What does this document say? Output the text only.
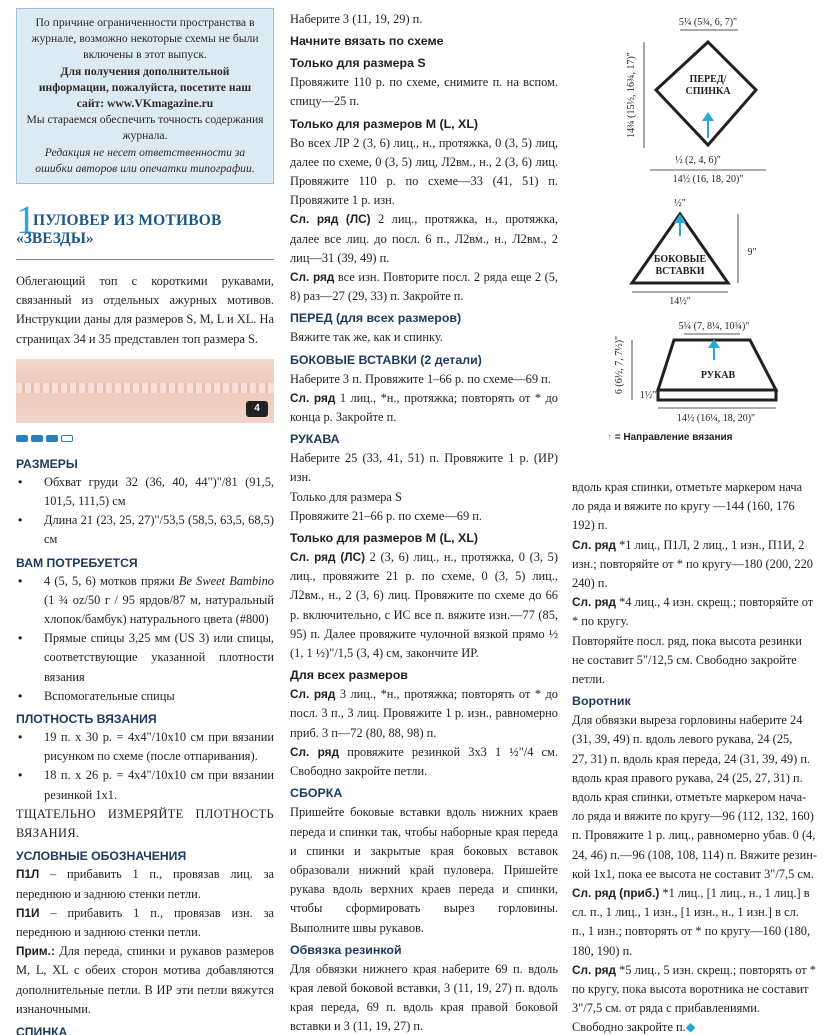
По причине ограниченности пространства в журнале, возможно некоторые схемы не были включены в этот выпуск.
Для получения дополнительной информации, пожалуйста, посетите наш сайт: www.VKmagazine.ru
Мы стараемся обеспечить точность содержания журнала.
Редакция не несет ответственности за ошибки авторов или опечатки типографии.
1
ПУЛОВЕР ИЗ МОТИВОВ
«ЗВЕЗДЫ»

Облегающий топ с короткими рукавами, связанный из отдельных ажурных мотивов. Инструкции даны для размеров S, M, L и XL. На страницах 34 и 35 представлен топ размера S.

4
РАЗМЕРЫ
• Обхват груди 32 (36, 40, 44")"/81 (91,5, 101,5, 111,5) см
• Длина 21 (23, 25, 27)"/53,5 (58,5, 63,5, 68,5) см
ВАМ ПОТРЕБУЕТСЯ
• 4 (5, 5, 6) мотков пряжи Be Sweet Bambino (1 ¾ oz/50 г / 95 ярдов/87 м, натуральный хлопок/бамбук) натурального цвета (#800)
• Прямые спицы 3,25 мм (US 3) или спицы, соответствующие указанной плотности вязания
• Вспомогательные спицы
ПЛОТНОСТЬ ВЯЗАНИЯ
• 19 п. х 30 р. = 4х4"/10х10 см при вязании рисунком по схеме (после отпаривания).
• 18 п. х 26 р. = 4х4"/10х10 см при вязании резинкой 1х1.

ТЩАТЕЛЬНО ИЗМЕРЯЙТЕ ПЛОТНОСТЬ ВЯЗАНИЯ.

УСЛОВНЫЕ ОБОЗНАЧЕНИЯ

П1Л – прибавить 1 п., провязав лиц. за переднюю и заднюю стенки петли.

П1И – прибавить 1 п., провязав изн. за переднюю и заднюю стенки петли.

Прим.: Для переда, спинки и рукавов размеров M, L, XL с обеих сторон мотива добавляются дополнительные петли. В ИР эти петли вяжутся изнаночными.

СПИНКА

Наберите 3 (11, 19, 29) п.

Начните вязать по схеме
Только для размера S

Провяжите 110 р. по схеме, снимите п. на вспом. спицу—25 п.

Только для размеров M (L, XL)

Во всех ЛР 2 (3, 6) лиц., н., протяжка, 0 (3, 5) лиц, далее по схеме, 0 (3, 5) лиц, Л2вм., н., 2 (3, 6) лиц. Провяжите 110 р. по схеме—33 (41, 51) п. Провяжите 1 р. изн.

Сл. ряд (ЛС) 2 лиц., протяжка, н., протяжка, далее все лиц. до посл. 6 п., Л2вм., н., Л2вм., 2 лиц—31 (39, 49) п.

Сл. ряд все изн. Повторите посл. 2 ряда еще 2 (5, 8) раз—27 (29, 33) п. Закройте п.

ПЕРЕД (для всех размеров)

Вяжите так же, как и спинку.

БОКОВЫЕ ВСТАВКИ (2 детали)

Наберите 3 п. Провяжите 1–66 р. по схеме—69 п.

Сл. ряд 1 лиц., *н., протяжка; повторять от * до конца р. Закройте п.

РУКАВА

Наберите 25 (33, 41, 51) п. Провяжите 1 р. (ИР) изн.

Только для размера S

Провяжите 21–66 р. по схеме—69 п.

Только для размеров M (L, XL)

Сл. ряд (ЛС) 2 (3, 6) лиц., н., протяжка, 0 (3, 5) лиц., провяжите 21 р. по схеме, 0 (3, 5) лиц., Л2вм., н., 2 (3, 6) лиц. Провяжите по схеме до 66 р. включительно, с ИС все п. вяжите изн.—77 (85, 95) п. Далее провяжите чулочной вязкой прямо ½ (1, 1 ½)"/1,5 (3, 4) см, закончите ИР.

Для всех размеров

Сл. ряд 3 лиц., *н., протяжка; повторять от * до посл. 3 п., 3 лиц. Провяжите 1 р. изн., равномерно приб. 3 п—72 (80, 88, 98) п.

Сл. ряд провяжите резинкой 3х3 1 ½"/4 см. Свободно закройте петли.

СБОРКА

Пришейте боковые вставки вдоль нижних краев переда и спинки так, чтобы наборные края переда и спинки и закрытые края боковых вставок образовали нижний край пуловера. Пришейте рукава вдоль верхних краев переда и спинки, чтобы сформировать вырез горловины. Выполните швы рукавов.

Обвязка резинкой

Для обвязки нижнего края наберите 69 п. вдоль края левой боковой вставки, 3 (11, 19, 27) п. вдоль края переда, 69 п. вдоль края правой боковой вставки и 3 (11, 19, 27) п.

5¼ (5¾, 6, 7)"
14¾ (15½, 16¾, 17)"	ПЕРЕД/
СПИНКА
½ (2, 4, 6)"
14½ (16, 18, 20)"
½"
БОКОВЫЕ
ВСТАВКИ
9"
14½"
5¼ (7, 8¼, 10¾)"
РУКАВ
6 (6½, 7, 7½)"
1½"
14½ (16¼, 18, 20)"
↑ = Направление вязания

вдоль края спинки, отметьте маркером нача

ло ряда и вяжите по кругу —144 (160, 176

192) п.

Сл. ряд *1 лиц., П1Л, 2 лиц., 1 изн., П1И, 2

изн.; повторяйте от * по кругу—180 (200, 220

240) п.

Сл. ряд *4 лиц., 4 изн. скрещ.; повторяйте от

* по кругу.

Повторяйте посл. ряд, пока высота резинки

не составит 5"/12,5 см. Свободно закройте

петли.

Воротник

Для обвязки выреза горловины наберите 24

(31, 39, 49) п. вдоль левого рукава, 24 (25,

27, 31) п. вдоль края переда, 24 (31, 39, 49) п.

вдоль края правого рукава, 24 (25, 27, 31) п.

вдоль края спинки, отметьте маркером нача-

ло ряда и вяжите по кругу—96 (112, 132, 160)

п. Провяжите 1 р. лиц., равномерно убав. 0 (4,

24, 46) п.—96 (108, 108, 114) п. Вяжите резин-

кой 1х1, пока ее высота не составит 3"/7,5 см.

Сл. ряд (приб.) *1 лиц., [1 лиц., н., 1 лиц.] в

сл. п., 1 лиц., 1 изн., [1 изн., н., 1 изн.] в сл.

п., 1 изн.; повторять от * по кругу—160 (180,

180, 190) п.

Сл. ряд *5 лиц., 5 изн. скрещ.; повторять от *

по кругу, пока высота воротника не составит

3"/7,5 см. от ряда с прибавлениями.

Свободно закройте п.◆
